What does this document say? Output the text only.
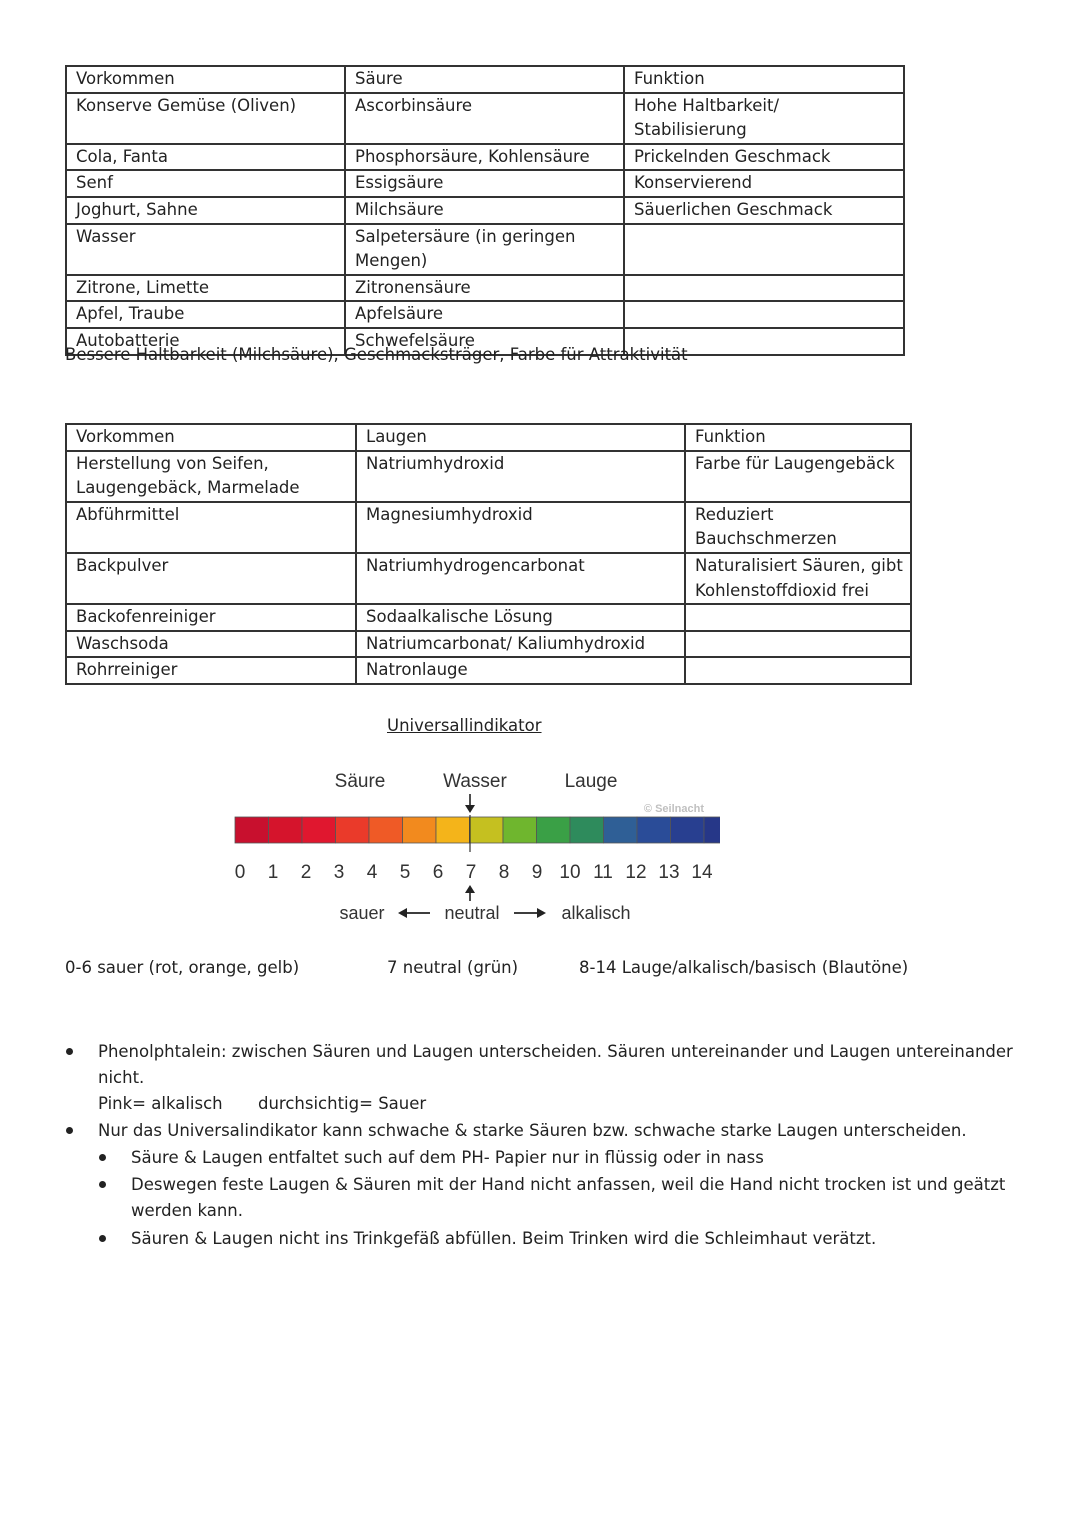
Vorkommen	Säure	Funktion
Konserve Gemüse (Oliven)	Ascorbinsäure	Hohe Haltbarkeit/
Stabilisierung
Cola, Fanta	Phosphorsäure, Kohlensäure	Prickelnden Geschmack
Senf	Essigsäure	Konservierend
Joghurt, Sahne	Milchsäure	Säuerlichen Geschmack
Wasser	Salpetersäure (in geringen
Mengen)	
Zitrone, Limette	Zitronensäure	
Apfel, Traube	Apfelsäure	
Autobatterie	Schwefelsäure	
Bessere Haltbarkeit (Milchsäure), Geschmacksträger, Farbe für Attraktivität
Vorkommen	Laugen	Funktion
Herstellung von Seifen,
Laugengebäck, Marmelade	Natriumhydroxid	Farbe für Laugengebäck
Abführmittel	Magnesiumhydroxid	Reduziert
Bauchschmerzen
Backpulver	Natriumhydrogencarbonat	Naturalisiert Säuren, gibt
Kohlenstoffdioxid frei
Backofenreiniger	Sodaalkalische Lösung	
Waschsoda	Natriumcarbonat/ Kaliumhydroxid	
Rohrreiniger	Natronlauge	
Universallindikator
Säure	Wasser	Lauge
© Seilnacht
0 1 2 3 4 5 6 7 8 9 10 11 12 13 14
sauer	neutral	alkalisch
0-6 sauer (rot, orange, gelb)	7 neutral (grün)	8-14 Lauge/alkalisch/basisch (Blautöne)
Phenolphtalein: zwischen Säuren und Laugen unterscheiden. Säuren untereinander und Laugen untereinander
nicht.
Pink= alkalisch durchsichtig= Sauer
Nur das Universalindikator kann schwache & starke Säuren bzw. schwache starke Laugen unterscheiden.
Säure & Laugen entfaltet such auf dem PH- Papier nur in flüssig oder in nass
Deswegen feste Laugen & Säuren mit der Hand nicht anfassen, weil die Hand nicht trocken ist und geätzt
werden kann.
Säuren & Laugen nicht ins Trinkgefäß abfüllen. Beim Trinken wird die Schleimhaut verätzt.
